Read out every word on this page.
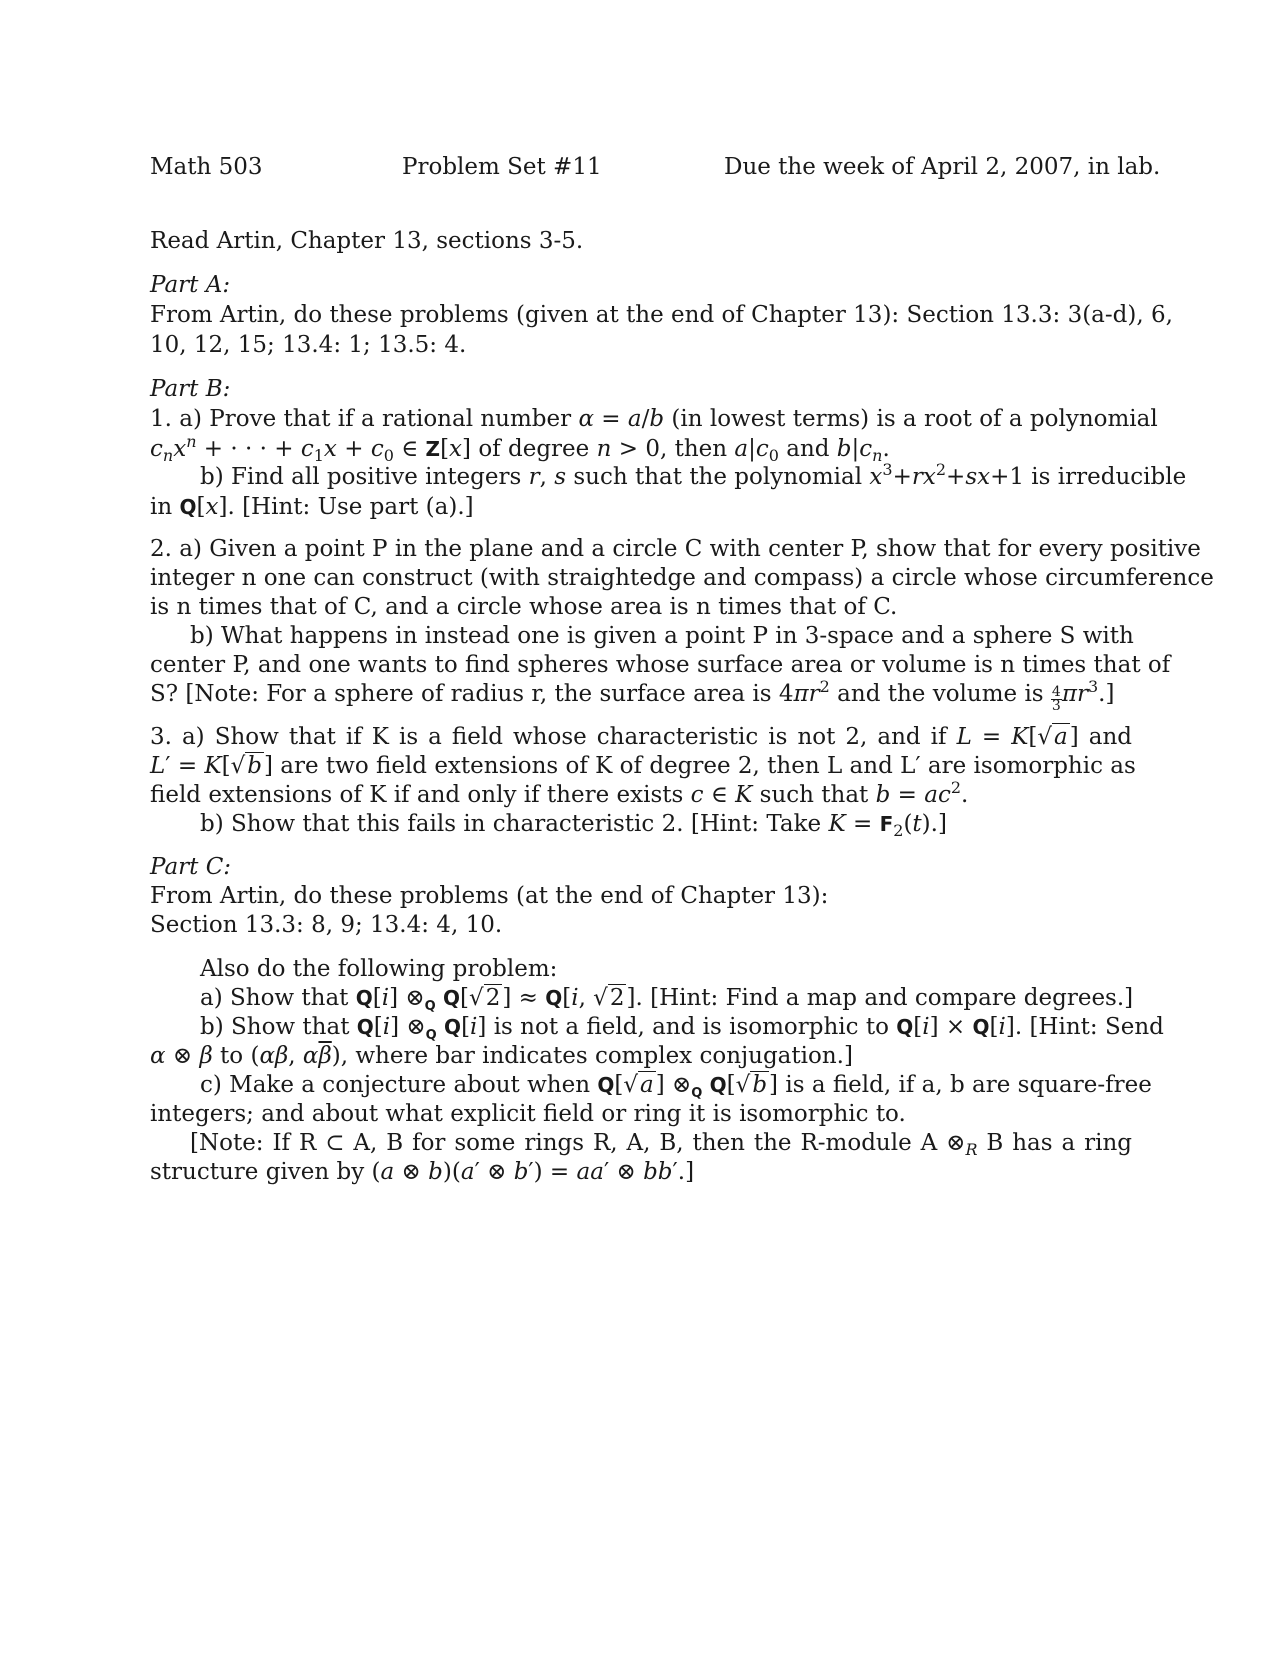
Math 503	Problem Set #11	Due the week of April 2, 2007, in lab.
Read Artin, Chapter 13, sections 3-5.
Part A:
From Artin, do these problems (given at the end of Chapter 13): Section 13.3: 3(a-d), 6,
10, 12, 15; 13.4: 1; 13.5: 4.
Part B:
1. a) Prove that if a rational number α = a/b (in lowest terms) is a root of a polynomial
$c_nx^n$ + · · · + $c_1x + c_0$ ∈ Z[x] of degree n > 0, then $a|c_0$ and $b|c_n$.
b) Find all positive integers r, s such that the polynomial $x^3+rx^2+sx+1$ is irreducible
in Q[x]. [Hint: Use part (a).]
2. a) Given a point P in the plane and a circle C with center P, show that for every positive
integer n one can construct (with straightedge and compass) a circle whose circumference
is n times that of C, and a circle whose area is n times that of C.
b) What happens in instead one is given a point P in 3-space and a sphere S with
center P, and one wants to find spheres whose surface area or volume is n times that of
S? [Note: For a sphere of radius r, the surface area is $4\pi r^2$ and the volume is $\frac{4}{3} \pi r^3$.]
3. a) Show that if K is a field whose characteristic is not 2, and if L = K[√a] and
L′ = K[√b] are two field extensions of K of degree 2, then L and L′ are isomorphic as
field extensions of K if and only if there exists c ∈ K such that $b = ac^2$.
b) Show that this fails in characteristic 2. [Hint: Take $K = F_2(t)$.]
Part C:
From Artin, do these problems (at the end of Chapter 13):
Section 13.3: 8, 9; 13.4: 4, 10.
Also do the following problem:
a) Show that Q[i] $\otimes_Q$ Q[√2] ≈ Q[i, √2]. [Hint: Find a map and compare degrees.]
b) Show that Q[i] $\otimes_Q$ Q[i] is not a field, and is isomorphic to Q[i] × Q[i]. [Hint: Send
α ⊗ β to (αβ, $\alpha\overline{\beta}$), where bar indicates complex conjugation.]
c) Make a conjecture about when Q[√a] $\otimes_Q$ Q[√b] is a field, if a, b are square-free
integers; and about what explicit field or ring it is isomorphic to.
[Note: If R ⊂ A, B for some rings R, A, B, then the R-module A $\otimes_R$ B has a ring
structure given by (a ⊗ b)(a′ ⊗ b′) = aa′ ⊗ bb′.]
